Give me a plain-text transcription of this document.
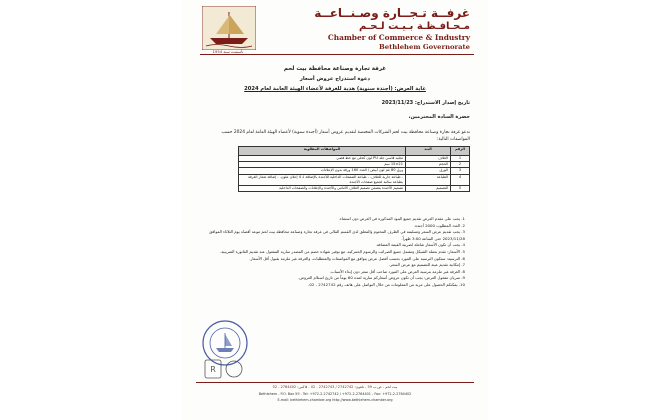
تأسست سنة 1954
غرفــة تـجــارة وصـنــاعــة
مـحـافـظـة بـيـت لـحـم
Chamber of Commerce & Industry
Bethlehem Governorate
غرفة تجارة وصناعة محافظة بيت لحم
دعوة استدراج عروض أسعار
غاية العرض: (أجندة سنوية) هدية للغرفة لأعضاء الهيئة العامة لعام 2024
تاريخ إصدار الاستدراج: 2023/11/23
حضرة السادة المحترمين،
تدعو غرفة تجارة وصناعة محافظة بيت لحم الشركات المختصة لتقديم عروض أسعار (أجندة سنوية) لأعضاء الهيئة العامة لعام 2024 حسب المواصفات التالية:
الرقم	البند	المواصفات المطلوبة
1	الغلاف	تجليد قاسي جلد PU لون كحلي مع خط فضي
2	الحجم	21×15 سم
3	الورق	ورق 80 غم لون أبيض / العدد 160 ورقة بدون الإعلانات
4	الطباعة	- طباعة جارية للغلاف. - طباعة الصفحات الداخلية للأجندة بالإضافة لـ 4 إعلان ملون. - إضافة شعار الغرفة بطباعة سالبة لجميع صفحات الأجندة.
5	التصميم	تصميم الأجندة يتضمن تصميم الغلاف الأمامي والأجندة والإعلانات والصفحات الداخلية
1. يجب على مقدم العرض تقديم جميع البنود المذكورة في العرض دون استثناء.
2. العدد المطلوب 2000 أجندة.
3. يجب تقديم عرض السعر وتسليمه في الظرف المختوم والمغلق لدى القسم المالي في غرفة تجارة وصناعة محافظة بيت لحم موعد أقصاه يوم الثلاثاء الموافق 2023/11/28 حتى الساعة 3:00 ظهراً.
4. يجب أن تكون الأسعار شاملة لضريبة القيمة المضافة.
5. الأسعار: تقدم بعملة الشيكل وتشمل جميع الضرائب والرسوم الجمركية، مع توفير شهادة خصم من المصدر سارية المفعول عند تقديم الفاتورة الضريبية.
6. الترسية: ستكون الترسية على المورد بحسب أفضل عرض يتوافق مع المواصفات والمتطلبات، والغرفة غير ملزمة بقبول أقل الأسعار.
7. إمكانية تقديم عينة للتصميم مع عرض السعر.
8. الغرفة غير ملزمة بترسية العرض على المورد صاحب أقل سعر دون إبداء الأسباب.
9. سريان مفعول العرض: يجب أن تكون عروض أسعاركم سارية لمدة 60 يوماً من تاريخ استلام العروض.
10. يمكنكم الحصول على مزيد من المعلومات من خلال التواصل على هاتف رقم 2742742 - 02.
R
بيت لحم - ص.ب 59 - تلفون: 2742742 / 2742743 - 02 - فاكس: 2764402 - 02
Bethlehem - P.O. Box 59 - Tel: +972-2-2742742 / +972-2-2764401 - Fax: +972-2-2764402
E-mail: bethlehem-chamber.org http://www.bethlehem-chamber.org
